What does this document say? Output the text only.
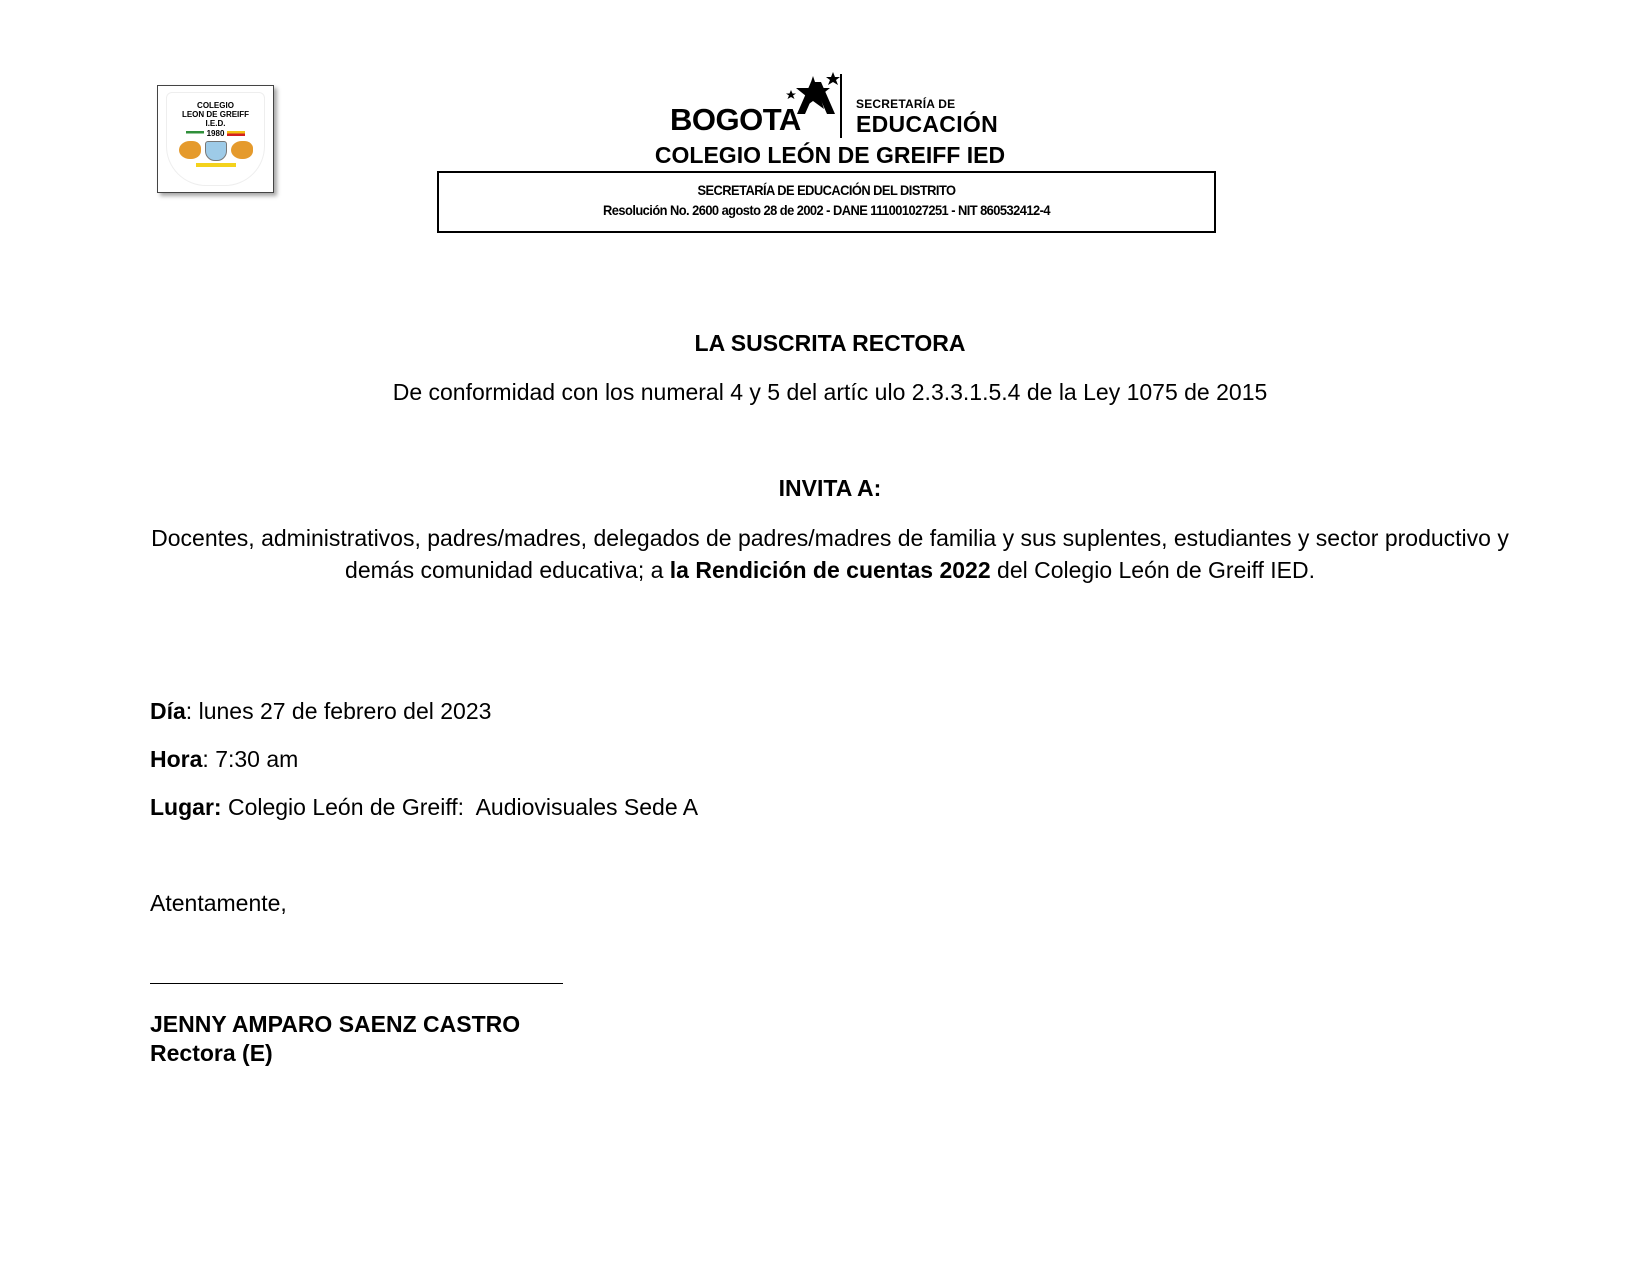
COLEGIO
LEON DE GREIFF
I.E.D.
1980	BOGOTA	SECRETARÍA DE
EDUCACIÓN
COLEGIO LEÓN DE GREIFF IED
SECRETARÍA DE EDUCACIÓN DEL DISTRITO
Resolución No. 2600 agosto 28 de 2002 - DANE 111001027251 - NIT 860532412-4
LA SUSCRITA RECTORA
De conformidad con los numeral 4 y 5 del artíc ulo 2.3.3.1.5.4 de la Ley 1075 de 2015
INVITA A:
Docentes, administrativos, padres/madres, delegados de padres/madres de familia y sus suplentes, estudiantes y sector productivo y demás comunidad educativa; a la Rendición de cuentas 2022 del Colegio León de Greiff IED.
Día: lunes 27 de febrero del 2023
Hora: 7:30 am
Lugar: Colegio León de Greiff:  Audiovisuales Sede A
Atentamente,
JENNY AMPARO SAENZ CASTRO
Rectora (E)
